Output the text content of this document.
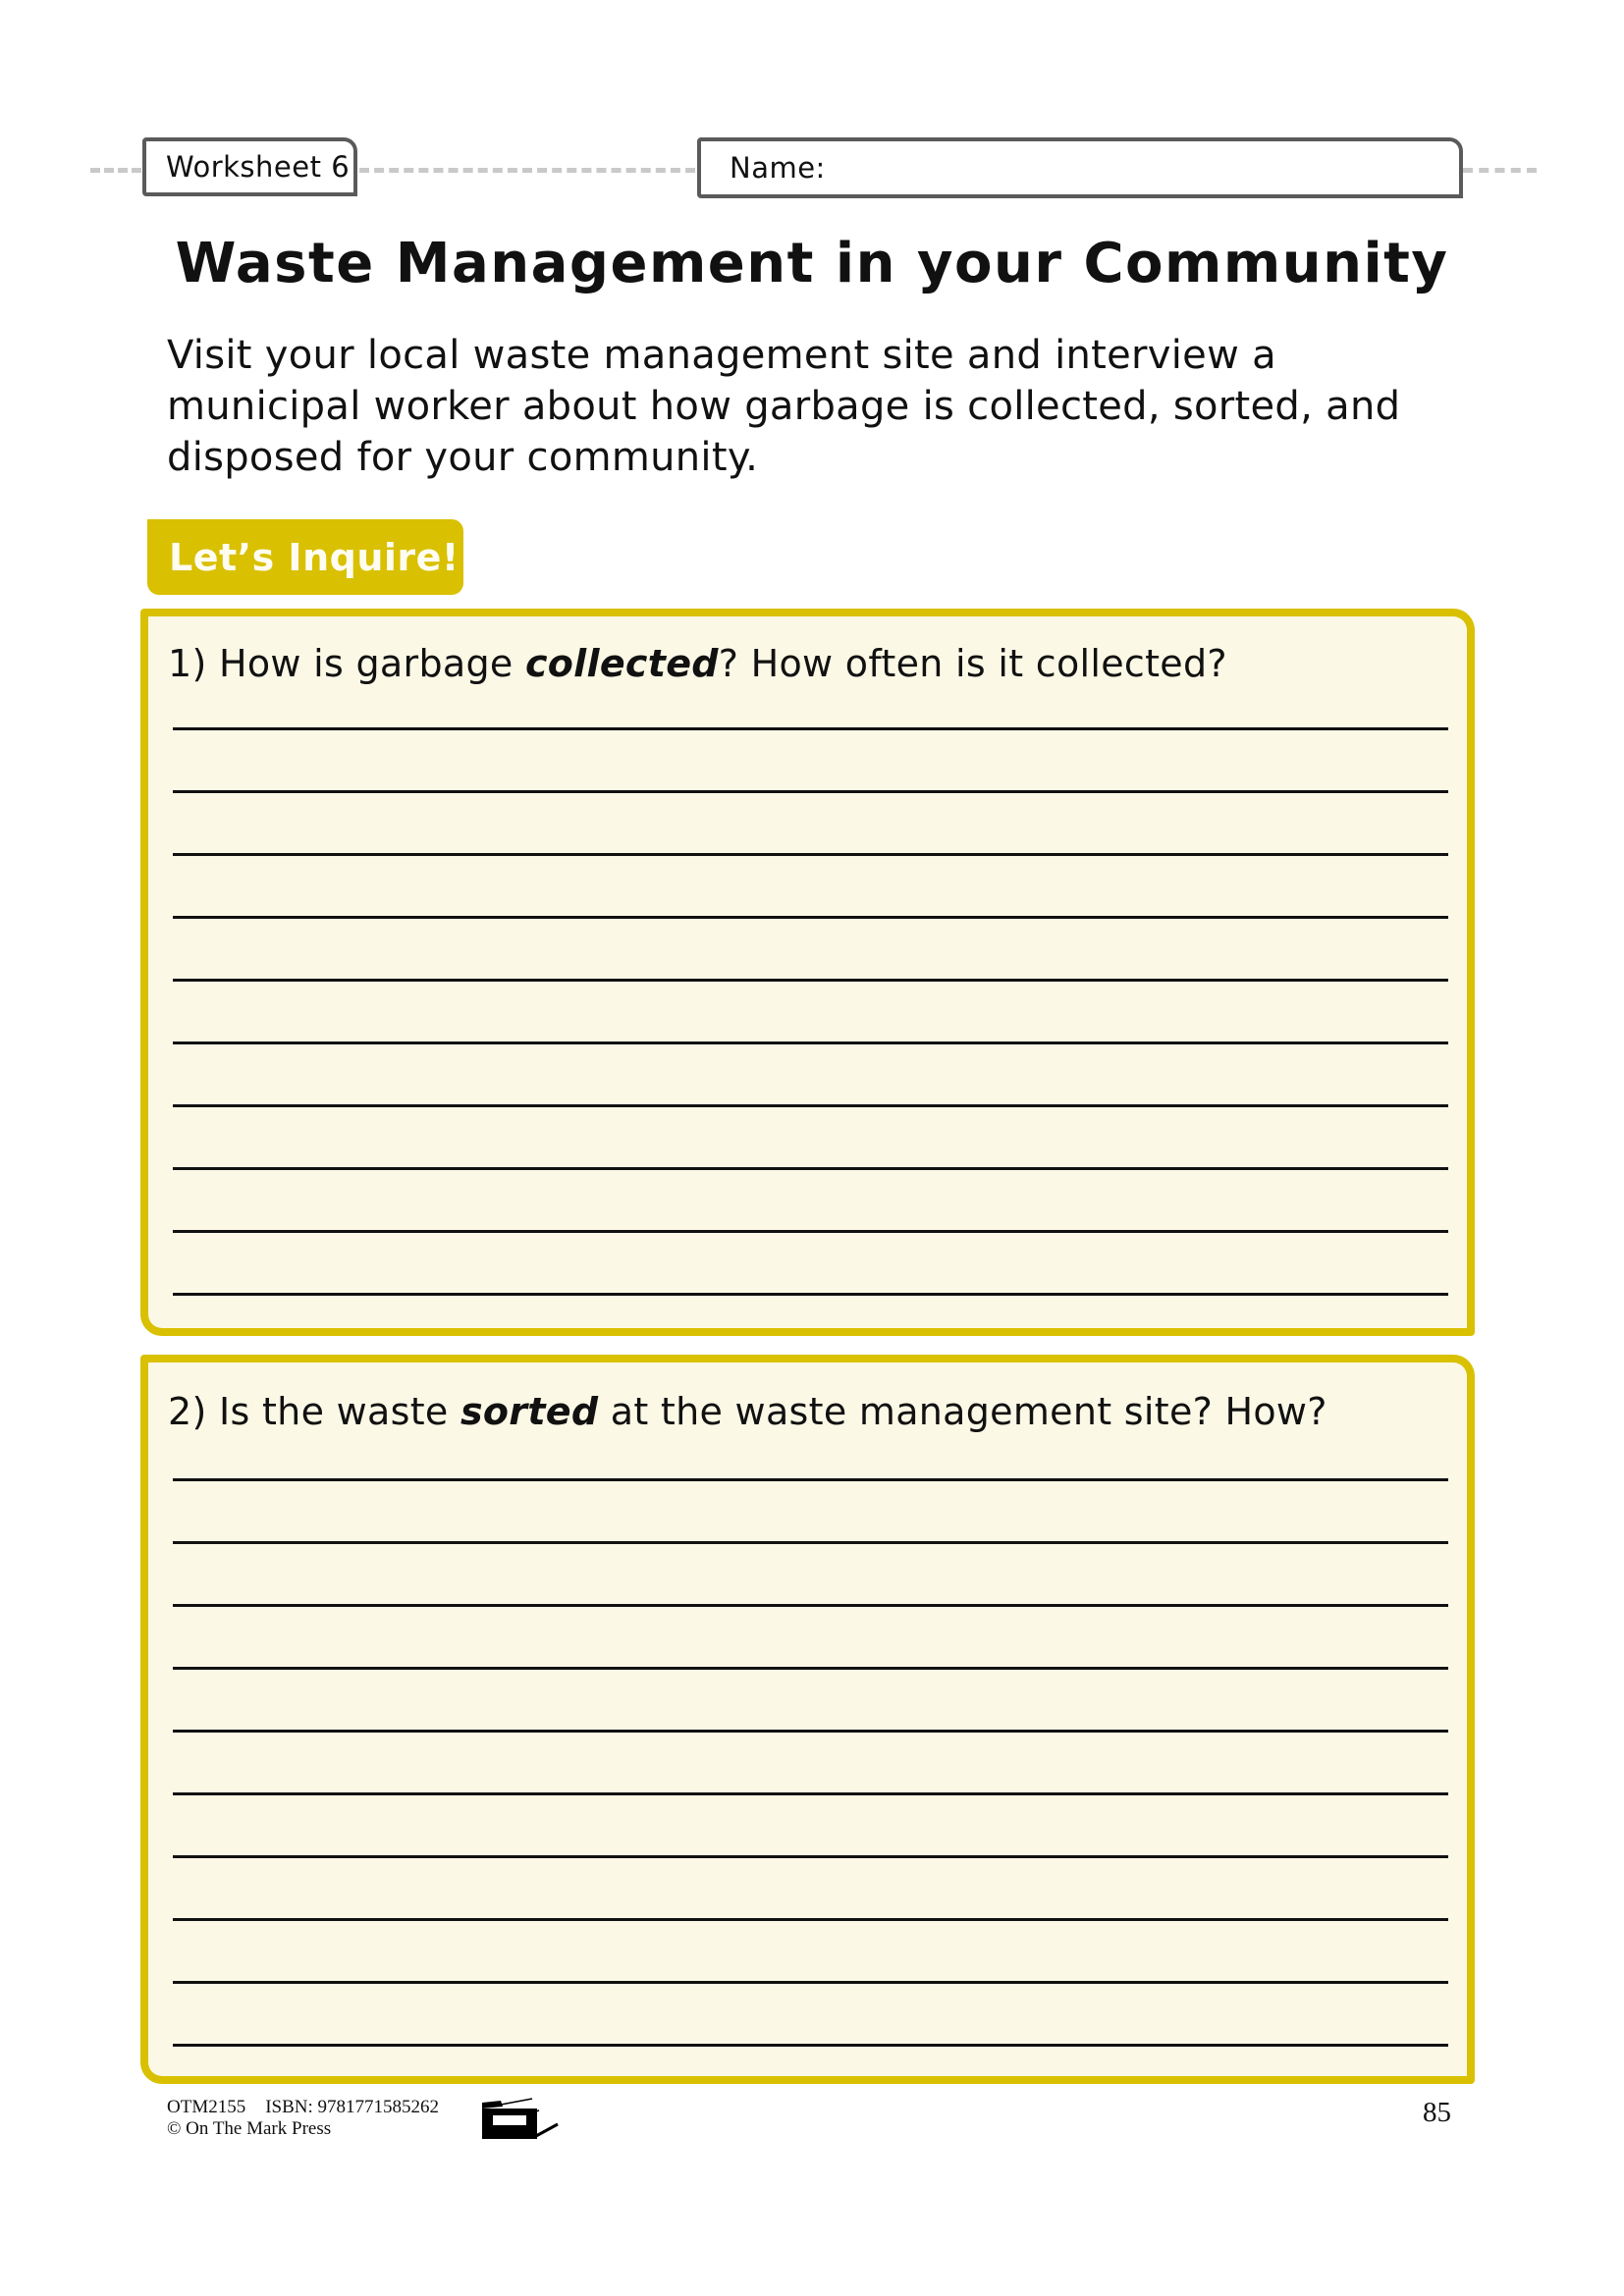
Worksheet 6	Name:
Waste Management in your Community
Visit your local waste management site and interview a
municipal worker about how garbage is collected, sorted, and
disposed for your community.
Let’s Inquire!
1) How is garbage collected? How often is it collected?
2) Is the waste sorted at the waste management site? How?
OTM2155 ISBN: 9781771585262
© On The Mark Press
85
